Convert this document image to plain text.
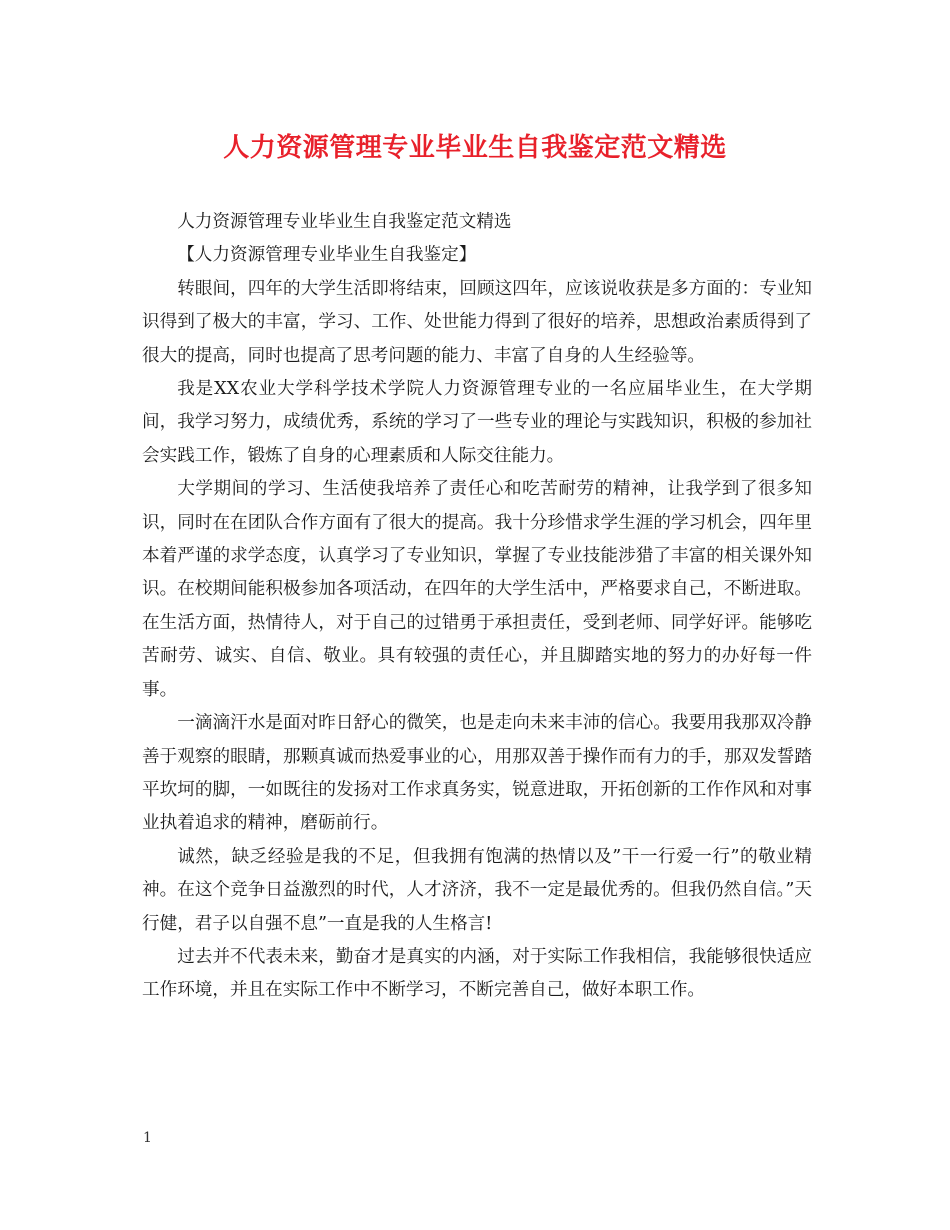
人力资源管理专业毕业生自我鉴定范文精选

人力资源管理专业毕业生自我鉴定范文精选

【人力资源管理专业毕业生自我鉴定】

转眼间，四年的大学生活即将结束，回顾这四年，应该说收获是多方面的：专业知识得到了极大的丰富，学习、工作、处世能力得到了很好的培养，思想政治素质得到了很大的提高，同时也提高了思考问题的能力、丰富了自身的人生经验等。

我是XX农业大学科学技术学院人力资源管理专业的一名应届毕业生，在大学期间，我学习努力，成绩优秀，系统的学习了一些专业的理论与实践知识，积极的参加社会实践工作，锻炼了自身的心理素质和人际交往能力。

大学期间的学习、生活使我培养了责任心和吃苦耐劳的精神，让我学到了很多知识，同时在在团队合作方面有了很大的提高。我十分珍惜求学生涯的学习机会，四年里本着严谨的求学态度，认真学习了专业知识，掌握了专业技能涉猎了丰富的相关课外知识。在校期间能积极参加各项活动，在四年的大学生活中，严格要求自己，不断进取。在生活方面，热情待人，对于自己的过错勇于承担责任，受到老师、同学好评。能够吃苦耐劳、诚实、自信、敬业。具有较强的责任心，并且脚踏实地的努力的办好每一件事。

一滴滴汗水是面对昨日舒心的微笑，也是走向未来丰沛的信心。我要用我那双冷静善于观察的眼睛，那颗真诚而热爱事业的心，用那双善于操作而有力的手，那双发誓踏平坎坷的脚，一如既往的发扬对工作求真务实，锐意进取，开拓创新的工作作风和对事业执着追求的精神，磨砺前行。

诚然，缺乏经验是我的不足，但我拥有饱满的热情以及”干一行爱一行”的敬业精神。在这个竞争日益激烈的时代，人才济济，我不一定是最优秀的。但我仍然自信。”天行健，君子以自强不息”一直是我的人生格言!

过去并不代表未来，勤奋才是真实的内涵，对于实际工作我相信，我能够很快适应工作环境，并且在实际工作中不断学习，不断完善自己，做好本职工作。

1
